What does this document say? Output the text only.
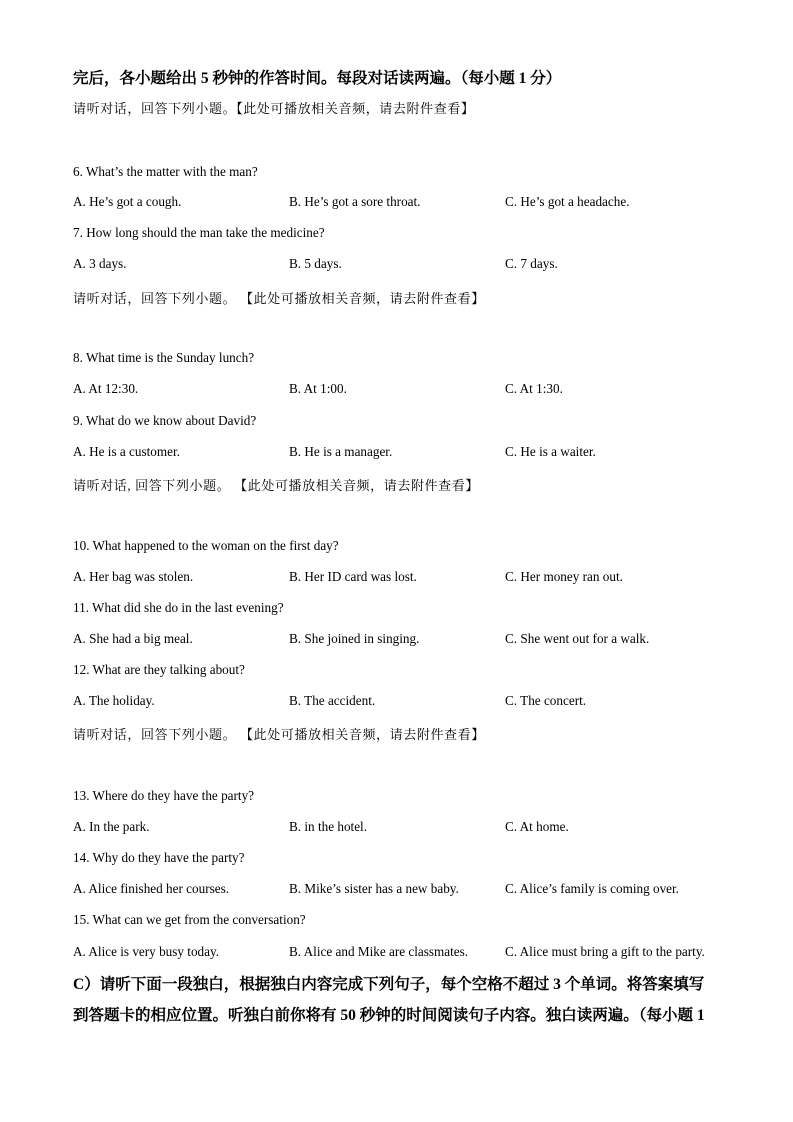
完后，各小题给出 5 秒钟的作答时间。每段对话读两遍。（每小题 1 分）
请听对话，回答下列小题。【此处可播放相关音频，请去附件查看】
6. What’s the matter with the man?
A. He’s got a cough.	B. He’s got a sore throat.	C. He’s got a headache.
7. How long should the man take the medicine?
A. 3 days.	B. 5 days.	C. 7 days.
请听对话，回答下列小题。 【此处可播放相关音频，请去附件查看】
8. What time is the Sunday lunch?
A. At 12:30.	B. At 1:00.	C. At 1:30.
9. What do we know about David?
A. He is a customer.	B. He is a manager.	C. He is a waiter.
请听对话, 回答下列小题。 【此处可播放相关音频，请去附件查看】
10. What happened to the woman on the first day?
A. Her bag was stolen.	B. Her ID card was lost.	C. Her money ran out.
11. What did she do in the last evening?
A. She had a big meal.	B. She joined in singing.	C. She went out for a walk.
12. What are they talking about?
A. The holiday.	B. The accident.	C. The concert.
请听对话，回答下列小题。 【此处可播放相关音频，请去附件查看】
13. Where do they have the party?
A. In the park.	B. in the hotel.	C. At home.
14. Why do they have the party?
A. Alice finished her courses.	B. Mike’s sister has a new baby.	C. Alice’s family is coming over.
15. What can we get from the conversation?
A. Alice is very busy today.	B. Alice and Mike are classmates.	C. Alice must bring a gift to the party.
C）请听下面一段独白，根据独白内容完成下列句子，每个空格不超过 3 个单词。将答案填写
到答题卡的相应位置。听独白前你将有 50 秒钟的时间阅读句子内容。独白读两遍。（每小题 1
